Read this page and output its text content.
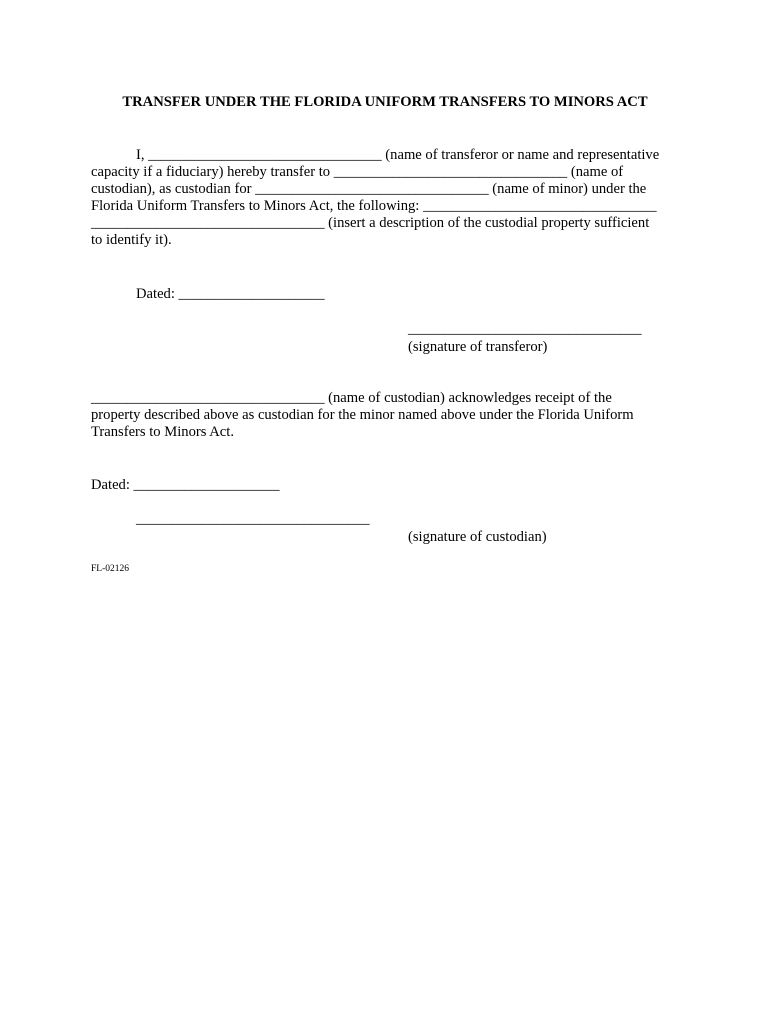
TRANSFER UNDER THE FLORIDA UNIFORM TRANSFERS TO MINORS ACT
I, ________________________________ (name of transferor or name and representative
capacity if a fiduciary) hereby transfer to ________________________________ (name of
custodian), as custodian for ________________________________ (name of minor) under the
Florida Uniform Transfers to Minors Act, the following: ________________________________
________________________________ (insert a description of the custodial property sufficient
to identify it).
Dated: ____________________
________________________________
(signature of transferor)
________________________________ (name of custodian) acknowledges receipt of the
property described above as custodian for the minor named above under the Florida Uniform
Transfers to Minors Act.
Dated: ____________________
________________________________
(signature of custodian)
FL-02126
